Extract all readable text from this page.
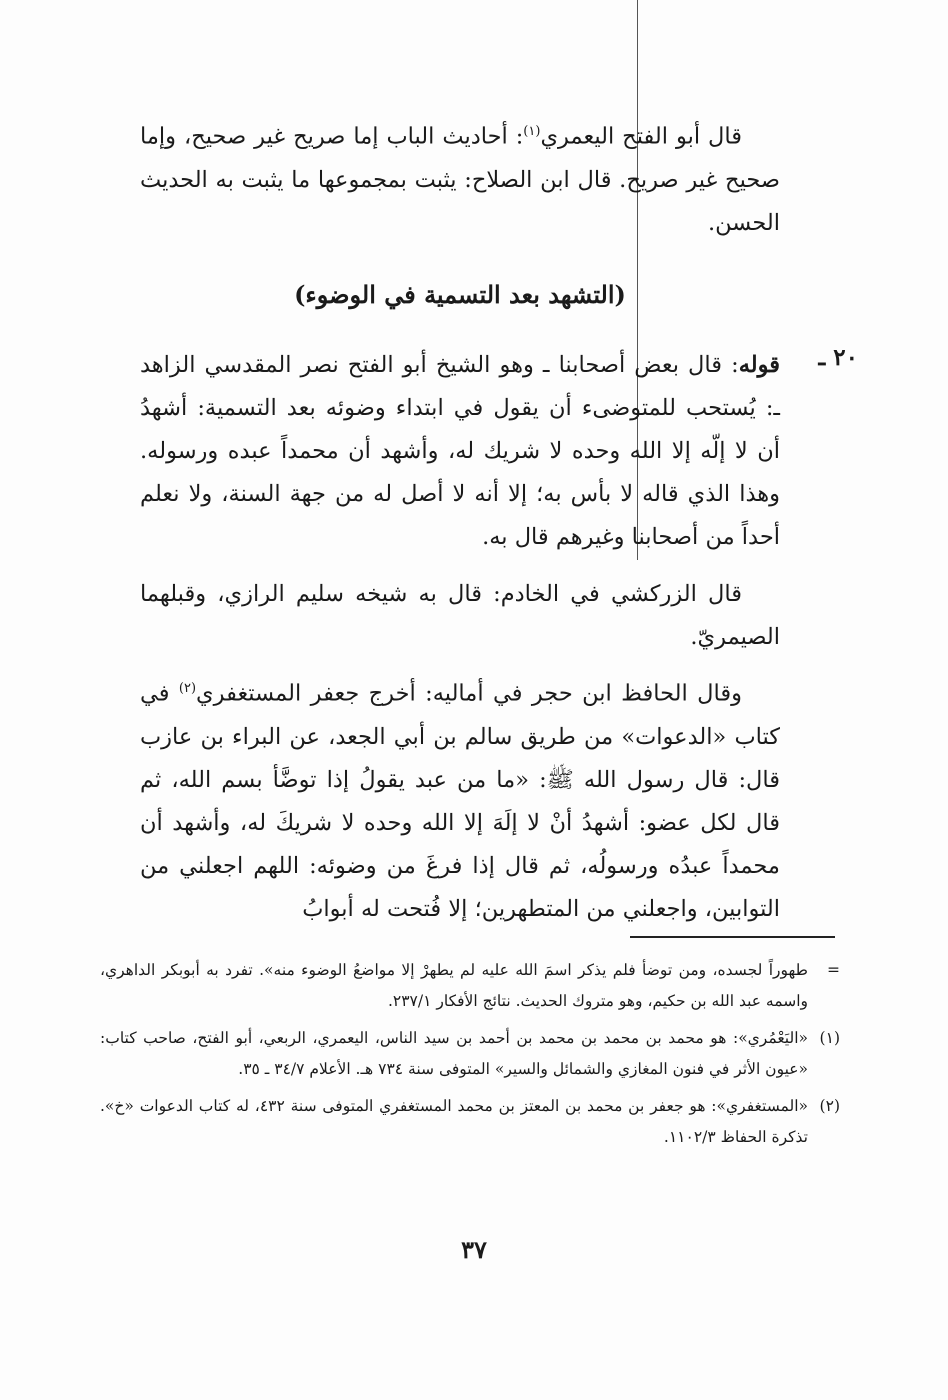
قال أبو الفتح اليعمري$^{(١)}$: أحاديث الباب إما صريح غير صحيح، وإما صحيح غير صريح. قال ابن الصلاح: يثبت بمجموعها ما يثبت به الحديث الحسن.

(التشهد بعد التسمية في الوضوء)
٢٠ ـ

قوله: قال بعض أصحابنا ـ وهو الشيخ أبو الفتح نصر المقدسي الزاهد ـ: يُستحب للمتوضىء أن يقول في ابتداء وضوئه بعد التسمية: أشهدُ أن لا إلّه إلا الله وحده لا شريك له، وأشهد أن محمداً عبده ورسوله. وهذا الذي قاله لا بأس به؛ إلا أنه لا أصل له من جهة السنة، ولا نعلم أحداً من أصحابنا وغيرهم قال به.

قال الزركشي في الخادم: قال به شيخه سليم الرازي، وقبلهما الصيمريّ.

وقال الحافظ ابن حجر في أماليه: أخرج جعفر المستغفري$^{(٢)}$ في كتاب «الدعوات» من طريق سالم بن أبي الجعد، عن البراء بن عازب قال: قال رسول الله ﷺ: «ما من عبد يقولُ إذا توضَّأ بسم الله، ثم قال لكل عضو: أشهدُ أنْ لا إلَهَ إلا الله وحده لا شريكَ له، وأشهد أن محمداً عبدُه ورسولُه، ثم قال إذا فرغَ من وضوئه: اللهم اجعلني من التوابين، واجعلني من المتطهرين؛ إلا فُتحت له أبوابُ

=
طهوراً لجسده، ومن توضأ فلم يذكر اسمَ الله عليه لم يطهرْ إلا مواضعُ الوضوء منه». تفرد به أبوبكر الداهري، واسمه عبد الله بن حكيم، وهو متروك الحديث. نتائج الأفكار ٢٣٧/١.

(١)
«اليَعْمُري»: هو محمد بن محمد بن محمد بن أحمد بن سيد الناس، اليعمري، الربعي، أبو الفتح، صاحب كتاب: «عيون الأثر في فنون المغازي والشمائل والسير» المتوفى سنة ٧٣٤ هـ. الأعلام ٣٤/٧ ـ ٣٥.

(٢)
«المستغفري»: هو جعفر بن محمد بن المعتز بن محمد المستغفري المتوفى سنة ٤٣٢، له كتاب الدعوات «خ». تذكرة الحفاظ ١١٠٢/٣.

٣٧
